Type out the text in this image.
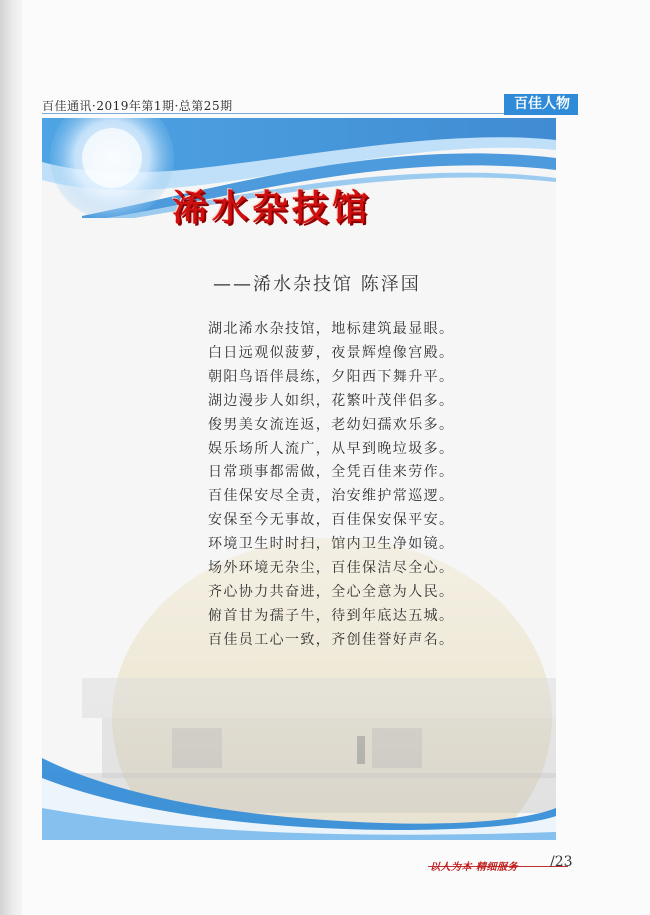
百佳通讯·2019年第1期·总第25期	百佳人物
浠水杂技馆
——浠水杂技馆 陈泽国
湖北浠水杂技馆，地标建筑最显眼。
白日远观似菠萝，夜景辉煌像宫殿。
朝阳鸟语伴晨练，夕阳西下舞升平。
湖边漫步人如织，花繁叶茂伴侣多。
俊男美女流连返，老幼妇孺欢乐多。
娱乐场所人流广，从早到晚垃圾多。
日常琐事都需做，全凭百佳来劳作。
百佳保安尽全责，治安维护常巡逻。
安保至今无事故，百佳保安保平安。
环境卫生时时扫，馆内卫生净如镜。
场外环境无杂尘，百佳保洁尽全心。
齐心协力共奋进，全心全意为人民。
俯首甘为孺子牛，待到年底达五城。
百佳员工心一致，齐创佳誉好声名。
以人为本 精细服务 /23
